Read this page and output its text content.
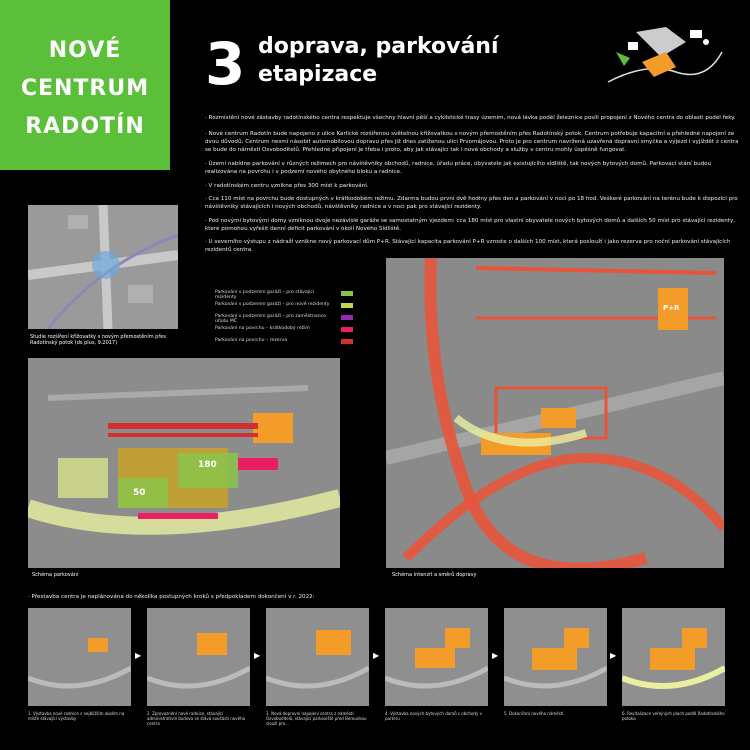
NOVÉ
CENTRUM
RADOTÍN
3 doprava, parkování
etapizace
· Rozmístění nové zástavby radotínského centra respektuje všechny hlavní pěší a cyklistické trasy územím, nová lávka podél železnice posílí propojení z Nového centra do oblasti podél řeky.
· Nové centrum Radotín bude napojeno z ulice Karlické rozšířenou světelnou křižovatkou s novým přemostěním přes Radotínský potok. Centrum potřebuje kapacitní a přehledné napojení ze dvou důvodů: Centrum nesmí násobit automobilovou dopravu přes již dnes zatíženou ulici Prvomájovou. Proto je pro centrum navržená uzavřená dopravní smyčka a výjezd i vyjíždět z centra se bude do náměstí Osvoboditelů. Přehledné připojení je třeba i proto, aby jak stávající tak i nové obchody a služby v centru mohly úspěšně fungovat.
· Území nabídne parkování v různých režimech pro návštěvníky obchodů, radnice, úřadu práce, obyvatele jak existujícího sídliště, tak nových bytových domů. Parkovací stání budou realizována na povrchu i v podzemí nového obytného bloku a radnice.
· V radotínském centru vznikne přes 300 míst k parkování.
· Cca 110 míst na povrchu bude dostupných v krátkodobém režimu. Zdarma budou první dvě hodiny přes den a parkování v noci po 18 hod. Veškeré parkování na terénu bude k dispozici pro návštěvníky stávajících i nových obchodů, návštěvníky radnice a v noci pak pro stávající rezidenty.
· Pod novými bytovými domy vzniknou dvoje nezávislé garáže se samostatným vjezdem: cca 180 míst pro vlastní obyvatele nových bytových domů a dalších 50 míst pro stávající rezidenty, které pomohou vyřešit denní deficit parkování v okolí Nového Sídliště.
· U severního výstupu z nádraží vznikne nový parkovací dům P+R. Stávající kapacita parkování P+R vzroste o dalších 100 míst, která poslouží i jako rezerva pro noční parkování stávajících rezidentů centra.
Studie rozšíření křižovatky s novým přemostěním přes Radotínský potok (ds plus, 9.2017)
Parkování v podzemní garáži – pro stávající rezidenty
Parkování v podzemní garáži – pro nové rezidenty
Parkování v podzemní garáži – pro zaměstnance úřadu MČ
Parkování na povrchu – krátkodobý režim
Parkování na povrchu – rezerva
180
50
Schéma parkování
P+R
Schéma intenzit a směrů dopravy
· Přestavba centra je naplánována do několika postupných kroků s předpokladem dokončení v r. 2022:
▶	▶	▶	▶	▶
1. Výstavba nové radnice s nejbližším okolím na místě stávající výstavby
2. Zprovoznění nové radnice, stávající administrativní budova se stává součástí nového centra
3. Nová dopravní napojení centra z náměstí Osvoboditelů, stávající parkoviště před Berounkou slouží pro...
4. Výstavba nových bytových domů s obchody v parteru
5. Dokončení nového náměstí	6. Revitalizace veřejných ploch podél Radotínského potoka
